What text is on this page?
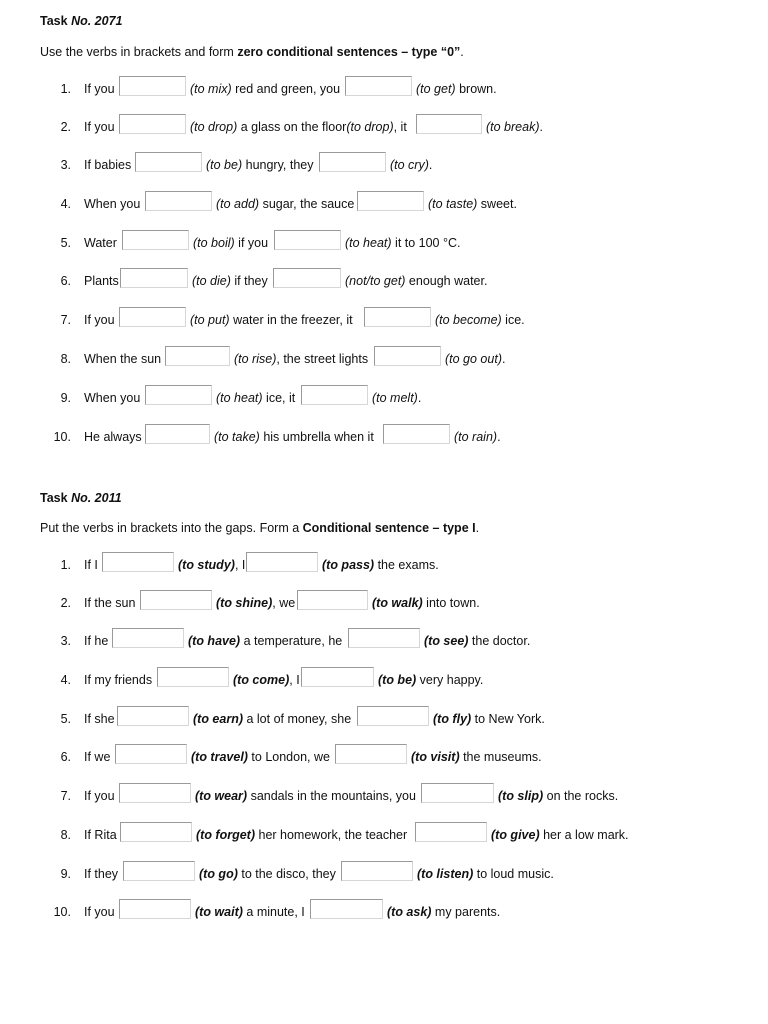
Task No. 2071
Use the verbs in brackets and form zero conditional sentences – type “0”.
1. If you	(to mix) red and green, you	(to get) brown.
2. If you	(to drop) a glass on the floor(to drop), it	(to break).
3. If babies	(to be) hungry, they	(to cry).
4. When you	(to add) sugar, the sauce	(to taste) sweet.
5. Water	(to boil) if you	(to heat) it to 100 °C.
6. Plants	(to die) if they	(not/to get) enough water.
7. If you	(to put) water in the freezer, it	(to become) ice.
8. When the sun	(to rise), the street lights	(to go out).
9. When you	(to heat) ice, it	(to melt).
10. He always	(to take) his umbrella when it	(to rain).
Task No. 2011
Put the verbs in brackets into the gaps. Form a Conditional sentence – type I.
1. If I	(to study), I	(to pass) the exams.
2. If the sun	(to shine), we	(to walk) into town.
3. If he	(to have) a temperature, he	(to see) the doctor.
4. If my friends	(to come), I	(to be) very happy.
5. If she	(to earn) a lot of money, she	(to fly) to New York.
6. If we	(to travel) to London, we	(to visit) the museums.
7. If you	(to wear) sandals in the mountains, you	(to slip) on the rocks.
8. If Rita	(to forget) her homework, the teacher	(to give) her a low mark.
9. If they	(to go) to the disco, they	(to listen) to loud music.
10. If you	(to wait) a minute, I	(to ask) my parents.
